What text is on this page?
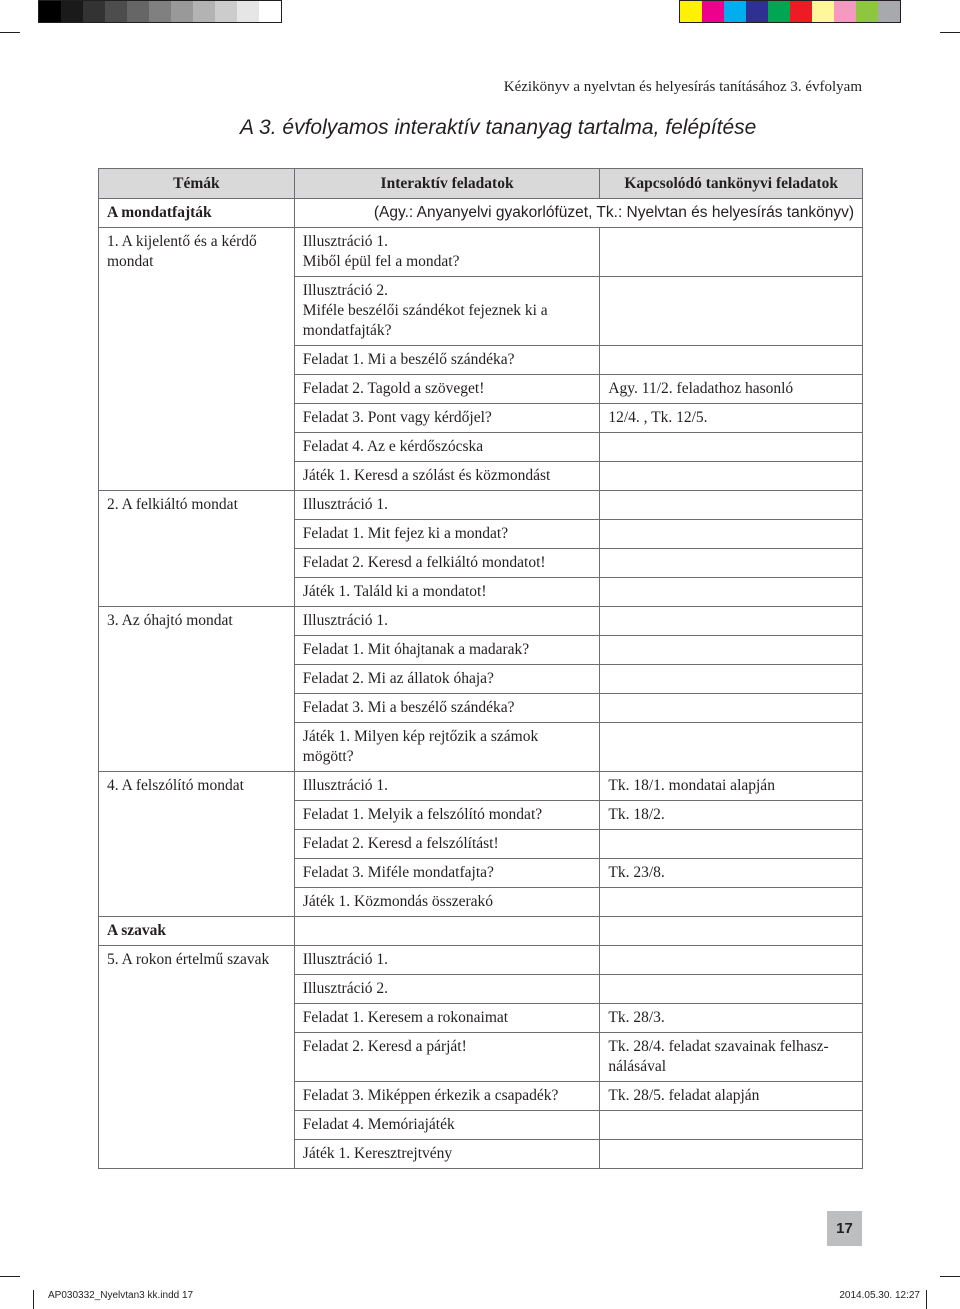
Kézikönyv a nyelvtan és helyesírás tanításához 3. évfolyam
A 3. évfolyamos interaktív tananyag tartalma, felépítése
Témák	Interaktív feladatok	Kapcsolódó tankönyvi feladatok
A mondatfajták	(Agy.: Anyanyelvi gyakorlófüzet, Tk.: Nyelvtan és helyesírás tankönyv)	
1. A kijelentő és a kérdő mondat	Illusztráció 1.
Miből épül fel a mondat?	
	Illusztráció 2.
Miféle beszélői szándékot fejeznek ki a mondatfajták?	
	Feladat 1. Mi a beszélő szándéka?	
	Feladat 2. Tagold a szöveget!	Agy. 11/2. feladathoz hasonló
	Feladat 3. Pont vagy kérdőjel?	12/4. , Tk. 12/5.
	Feladat 4. Az e kérdőszócska	
	Játék 1. Keresd a szólást és közmondást	
2. A felkiáltó mondat	Illusztráció 1.	
	Feladat 1. Mit fejez ki a mondat?	
	Feladat 2. Keresd a felkiáltó mondatot!	
	Játék 1. Találd ki a mondatot!	
3. Az óhajtó mondat	Illusztráció 1.	
	Feladat 1. Mit óhajtanak a madarak?	
	Feladat 2. Mi az állatok óhaja?	
	Feladat 3. Mi a beszélő szándéka?	
	Játék 1. Milyen kép rejtőzik a számok mögött?	
4. A felszólító mondat	Illusztráció 1.	Tk. 18/1. mondatai alapján
	Feladat 1. Melyik a felszólító mondat?	Tk. 18/2.
	Feladat 2. Keresd a felszólítást!	
	Feladat 3. Miféle mondatfajta?	Tk. 23/8.
	Játék 1. Közmondás összerakó	
A szavak		
5. A rokon értelmű szavak	Illusztráció 1.	
	Illusztráció 2.	
	Feladat 1. Keresem a rokonaimat	Tk. 28/3.
	Feladat 2. Keresd a párját!	Tk. 28/4. feladat szavainak felhasz-
nálásával
	Feladat 3. Miképpen érkezik a csapadék?	Tk. 28/5. feladat alapján
	Feladat 4. Memóriajáték	
	Játék 1. Keresztrejtvény	
17
AP030332_Nyelvtan3 kk.indd 17	2014.05.30. 12:27
